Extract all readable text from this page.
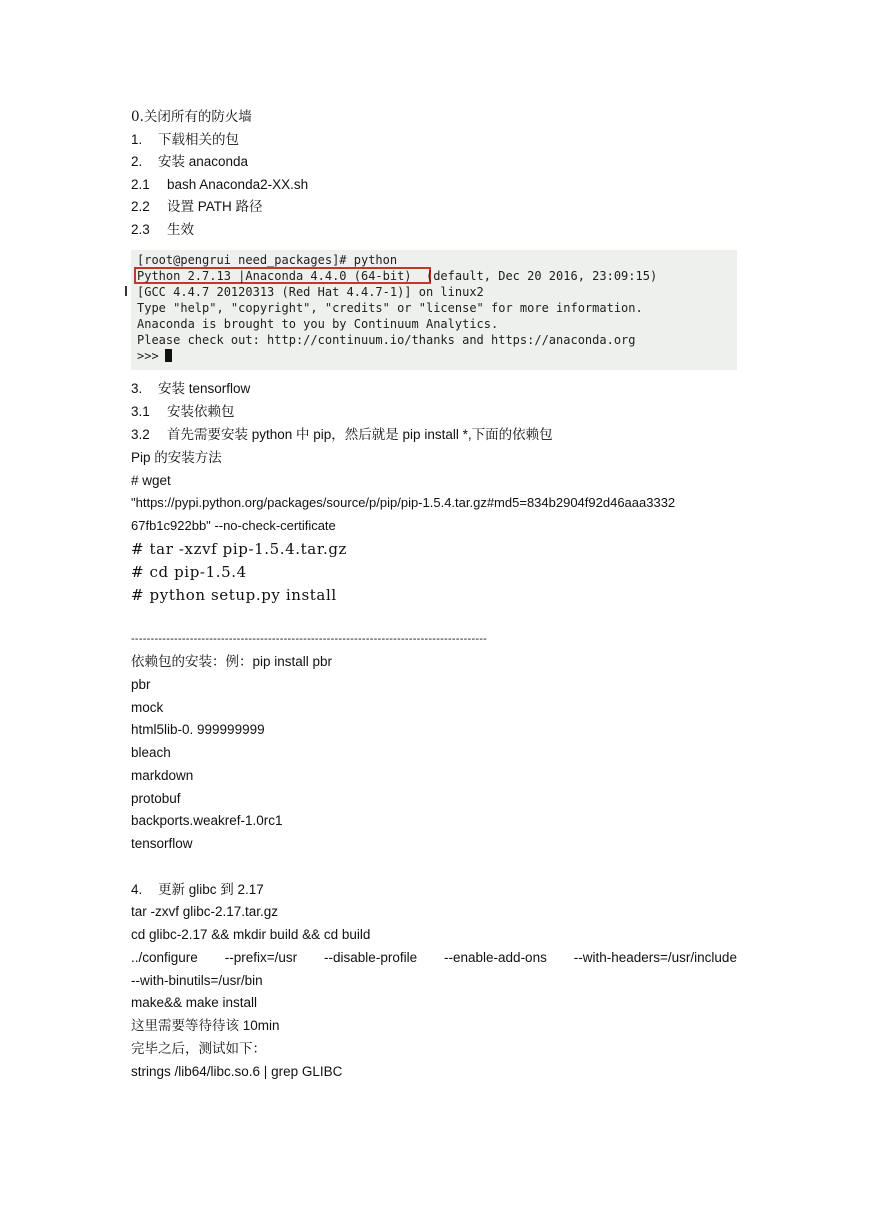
0.关闭所有的防火墙
1. 下载相关的包
2. 安装 anaconda
2.1 bash Anaconda2-XX.sh
2.2 设置 PATH 路径
2.3 生效
[root@pengrui need_packages]# python
Python 2.7.13 |Anaconda 4.4.0 (64-bit)  (default, Dec 20 2016, 23:09:15)
[GCC 4.4.7 20120313 (Red Hat 4.4.7-1)] on linux2
Type "help", "copyright", "credits" or "license" for more information.
Anaconda is brought to you by Continuum Analytics.
Please check out: http://continuum.io/thanks and https://anaconda.org
>>>
3. 安装 tensorflow
3.1 安装依赖包
3.2 首先需要安装 python 中 pip，然后就是 pip install *,下面的依赖包
Pip 的安装方法
# wget
"https://pypi.python.org/packages/source/p/pip/pip-1.5.4.tar.gz#md5=834b2904f92d46aaa3332
67fb1c922bb" --no-check-certificate
# tar -xzvf pip-1.5.4.tar.gz
# cd pip-1.5.4
# python setup.py install
-------------------------------------------------------------------------------------------
依赖包的安装：例：pip install pbr
pbr
mock
html5lib-0. 999999999
bleach
markdown
protobuf
backports.weakref-1.0rc1
tensorflow
4. 更新 glibc 到 2.17
tar -zxvf glibc-2.17.tar.gz
cd glibc-2.17 && mkdir build && cd build
../configure --prefix=/usr --disable-profile --enable-add-ons --with-headers=/usr/include
--with-binutils=/usr/bin
make&& make install
这里需要等待待该 10min
完毕之后，测试如下：
strings /lib64/libc.so.6 | grep GLIBC
